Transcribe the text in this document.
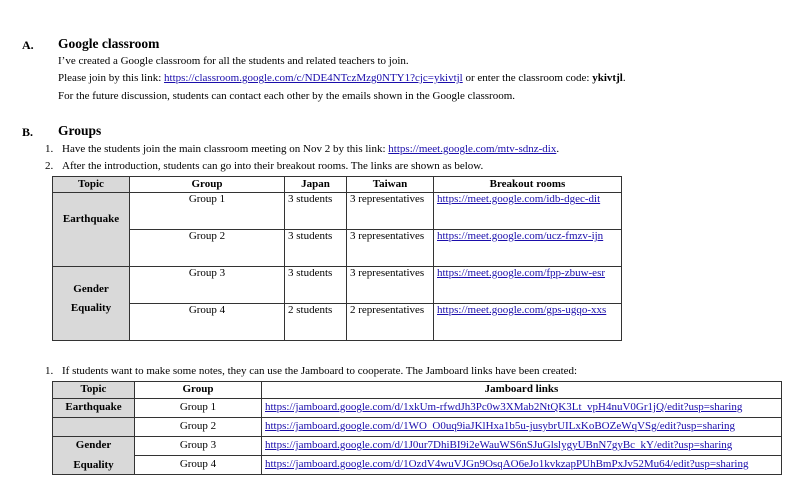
A. Google classroom
I’ve created a Google classroom for all the students and related teachers to join.
Please join by this link: https://classroom.google.com/c/NDE4NTczMzg0NTY1?cjc=ykivtjl or enter the classroom code: ykivtjl.
For the future discussion, students can contact each other by the emails shown in the Google classroom.
B. Groups
1. Have the students join the main classroom meeting on Nov 2 by this link: https://meet.google.com/mtv-sdnz-dix.
2. After the introduction, students can go into their breakout rooms. The links are shown as below.
Topic	Group	Japan	Taiwan	Breakout rooms
Earthquake	Group 1	3 students	3 representatives	https://meet.google.com/idb-dgec-dit
	Group 2	3 students	3 representatives	https://meet.google.com/ucz-fmzv-ijn

Gender
Equality	Group 3	3 students	3 representatives	https://meet.google.com/fpp-zbuw-esr
	Group 4	2 students	2 representatives	https://meet.google.com/gps-ugqo-xxs
1. If students want to make some notes, they can use the Jamboard to cooperate. The Jamboard links have been created:
Topic	Group	Jamboard links
Earthquake	Group 1	https://jamboard.google.com/d/1xkUm-rfwdJh3Pc0w3XMab2NtQK3Lt_vpH4nuV0Gr1jQ/edit?usp=sharing
	Group 2	https://jamboard.google.com/d/1WO_O0uq9iaJKlHxa1b5u-jusybrUILxKoBOZeWqVSg/edit?usp=sharing

Gender
Equality	Group 3	https://jamboard.google.com/d/1J0ur7DhiBI9i2eWauWS6nSJuGlslygyUBnN7gyBc_kY/edit?usp=sharing
	Group 4	https://jamboard.google.com/d/1OzdV4wuVJGn9OsqAO6eJo1kvkzapPUhBmPxJv52Mu64/edit?usp=sharing
